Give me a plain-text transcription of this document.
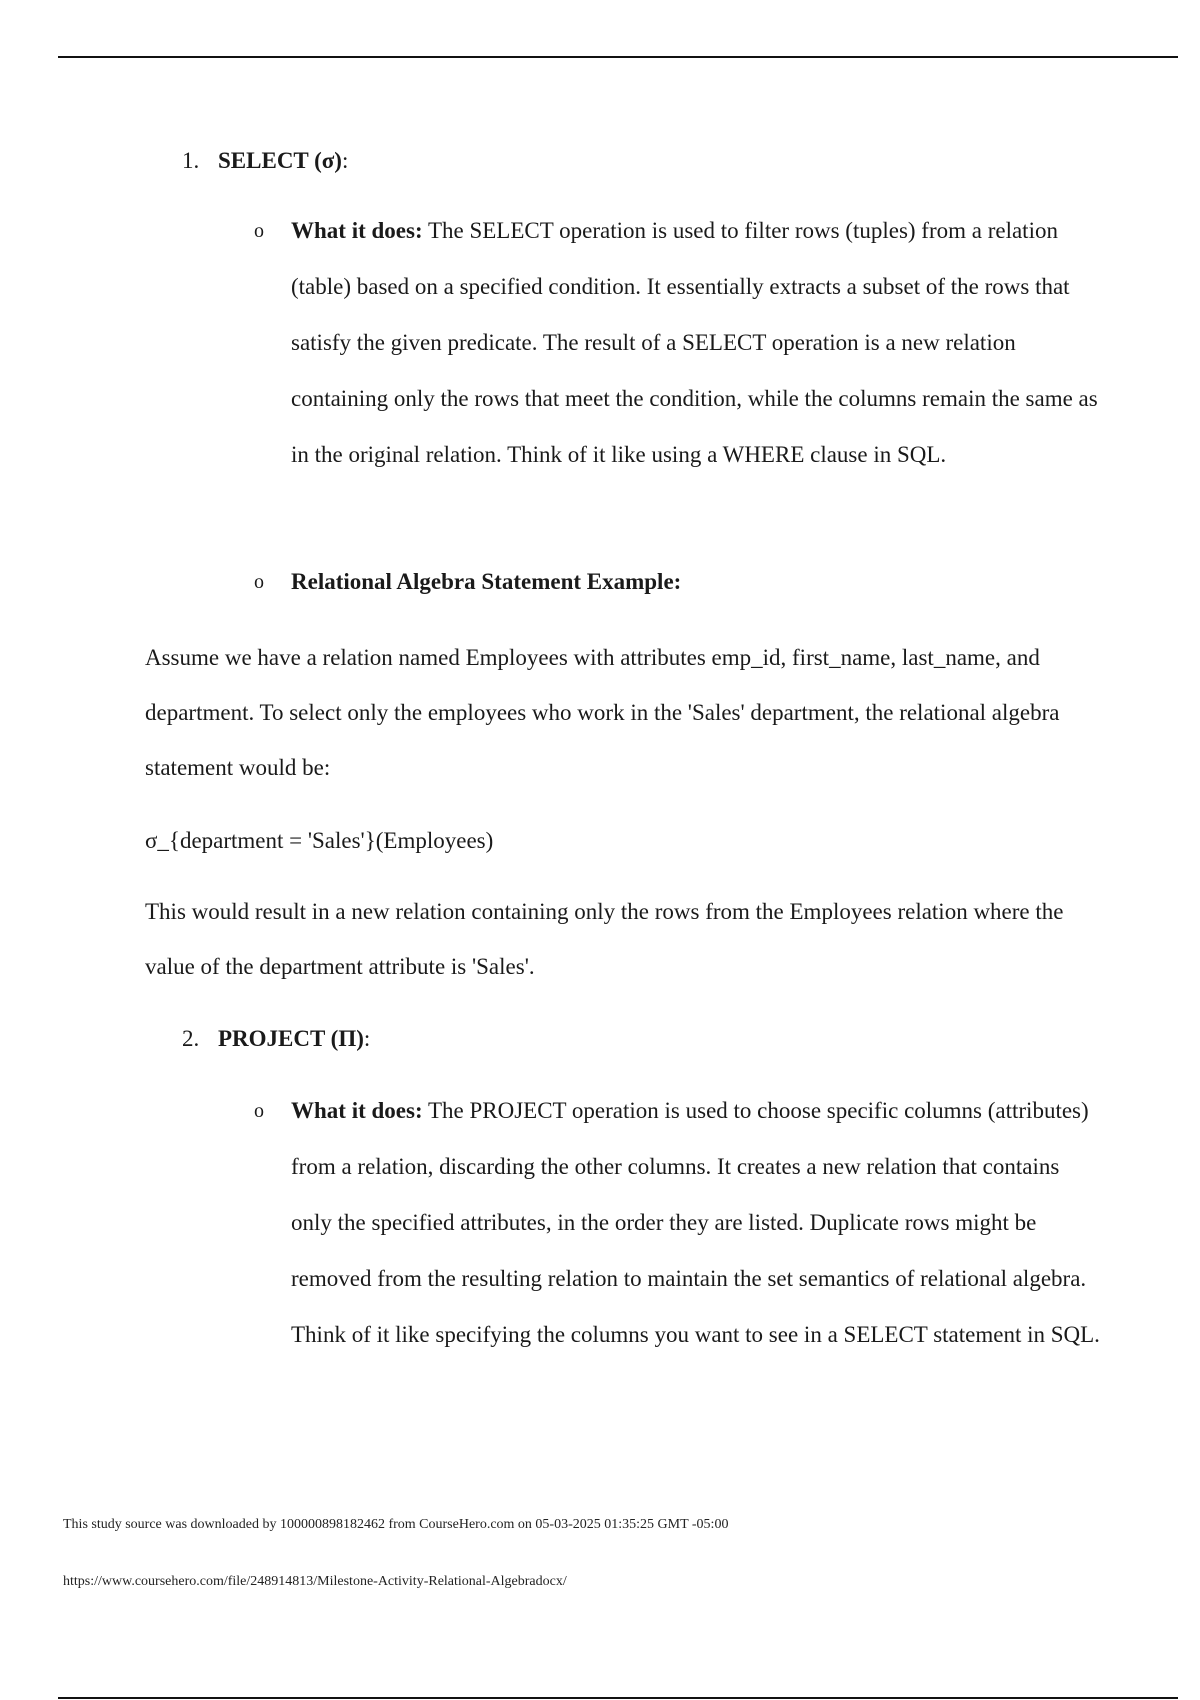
1. SELECT (σ):
o What it does: The SELECT operation is used to filter rows (tuples) from a relation (table) based on a specified condition. It essentially extracts a subset of the rows that satisfy the given predicate. The result of a SELECT operation is a new relation containing only the rows that meet the condition, while the columns remain the same as in the original relation. Think of it like using a WHERE clause in SQL.
o Relational Algebra Statement Example:
Assume we have a relation named Employees with attributes emp_id, first_name, last_name, and department. To select only the employees who work in the 'Sales' department, the relational algebra statement would be:
σ_{department = 'Sales'}(Employees)
This would result in a new relation containing only the rows from the Employees relation where the value of the department attribute is 'Sales'.
2. PROJECT (Π):
o What it does: The PROJECT operation is used to choose specific columns (attributes) from a relation, discarding the other columns. It creates a new relation that contains only the specified attributes, in the order they are listed. Duplicate rows might be removed from the resulting relation to maintain the set semantics of relational algebra. Think of it like specifying the columns you want to see in a SELECT statement in SQL.
This study source was downloaded by 100000898182462 from CourseHero.com on 05-03-2025 01:35:25 GMT -05:00
https://www.coursehero.com/file/248914813/Milestone-Activity-Relational-Algebradocx/
